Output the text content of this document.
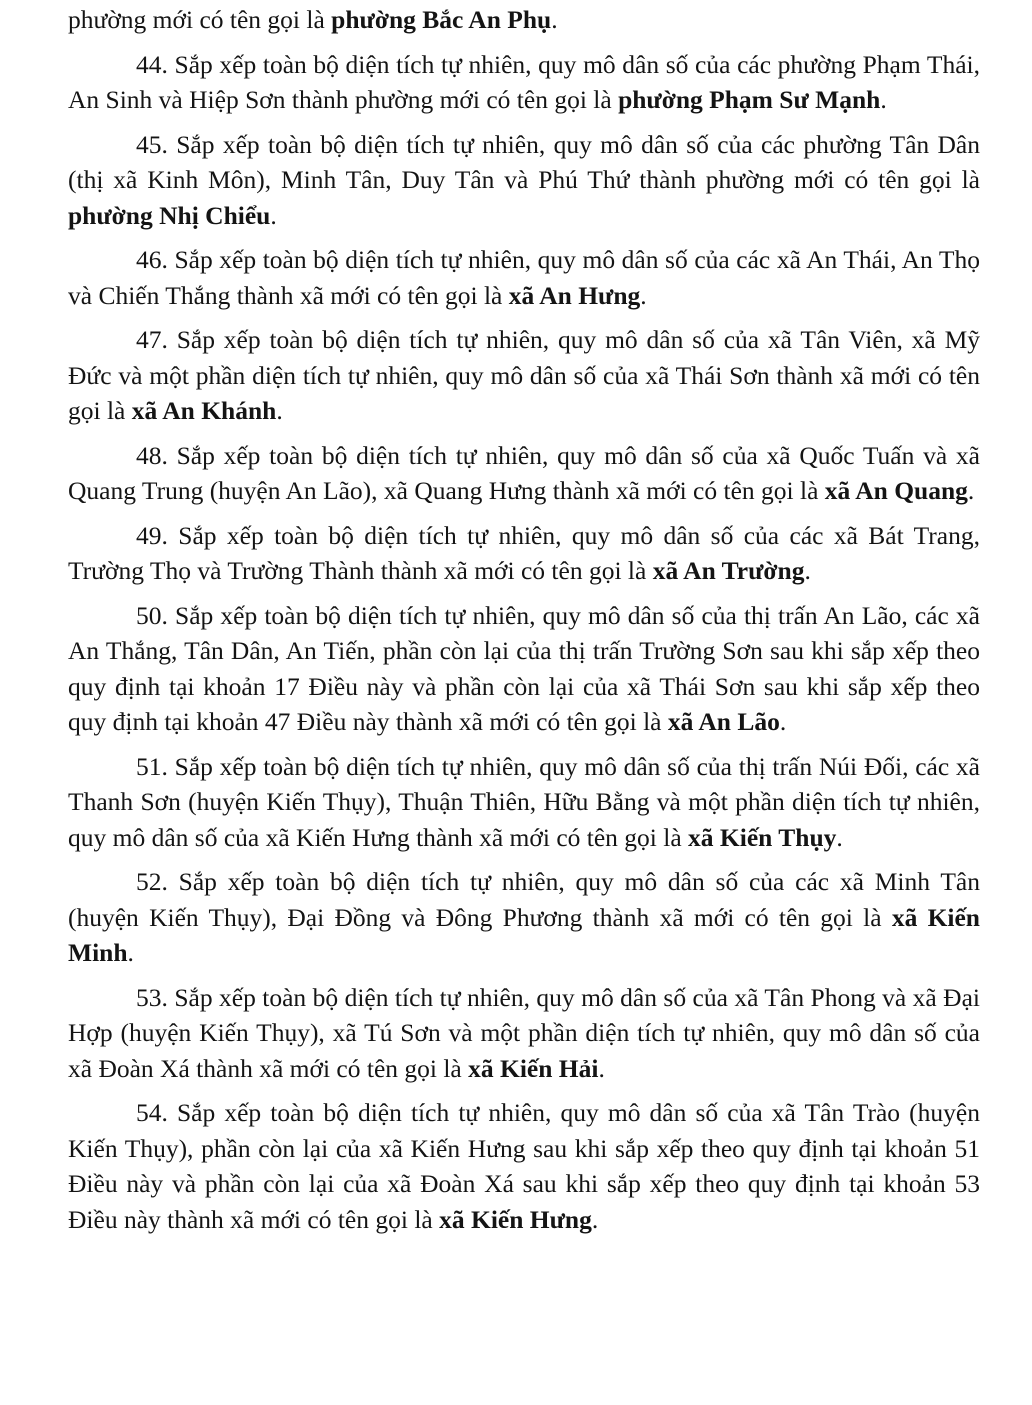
phường mới có tên gọi là phường Bắc An Phụ.

44. Sắp xếp toàn bộ diện tích tự nhiên, quy mô dân số của các phường Phạm Thái, An Sinh và Hiệp Sơn thành phường mới có tên gọi là phường Phạm Sư Mạnh.

45. Sắp xếp toàn bộ diện tích tự nhiên, quy mô dân số của các phường Tân Dân (thị xã Kinh Môn), Minh Tân, Duy Tân và Phú Thứ thành phường mới có tên gọi là phường Nhị Chiểu.

46. Sắp xếp toàn bộ diện tích tự nhiên, quy mô dân số của các xã An Thái, An Thọ và Chiến Thắng thành xã mới có tên gọi là xã An Hưng.

47. Sắp xếp toàn bộ diện tích tự nhiên, quy mô dân số của xã Tân Viên, xã Mỹ Đức và một phần diện tích tự nhiên, quy mô dân số của xã Thái Sơn thành xã mới có tên gọi là xã An Khánh.

48. Sắp xếp toàn bộ diện tích tự nhiên, quy mô dân số của xã Quốc Tuấn và xã Quang Trung (huyện An Lão), xã Quang Hưng thành xã mới có tên gọi là xã An Quang.

49. Sắp xếp toàn bộ diện tích tự nhiên, quy mô dân số của các xã Bát Trang, Trường Thọ và Trường Thành thành xã mới có tên gọi là xã An Trường.

50. Sắp xếp toàn bộ diện tích tự nhiên, quy mô dân số của thị trấn An Lão, các xã An Thắng, Tân Dân, An Tiến, phần còn lại của thị trấn Trường Sơn sau khi sắp xếp theo quy định tại khoản 17 Điều này và phần còn lại của xã Thái Sơn sau khi sắp xếp theo quy định tại khoản 47 Điều này thành xã mới có tên gọi là xã An Lão.

51. Sắp xếp toàn bộ diện tích tự nhiên, quy mô dân số của thị trấn Núi Đối, các xã Thanh Sơn (huyện Kiến Thụy), Thuận Thiên, Hữu Bằng và một phần diện tích tự nhiên, quy mô dân số của xã Kiến Hưng thành xã mới có tên gọi là xã Kiến Thụy.

52. Sắp xếp toàn bộ diện tích tự nhiên, quy mô dân số của các xã Minh Tân (huyện Kiến Thụy), Đại Đồng và Đông Phương thành xã mới có tên gọi là xã Kiến Minh.

53. Sắp xếp toàn bộ diện tích tự nhiên, quy mô dân số của xã Tân Phong và xã Đại Hợp (huyện Kiến Thụy), xã Tú Sơn và một phần diện tích tự nhiên, quy mô dân số của xã Đoàn Xá thành xã mới có tên gọi là xã Kiến Hải.

54. Sắp xếp toàn bộ diện tích tự nhiên, quy mô dân số của xã Tân Trào (huyện Kiến Thụy), phần còn lại của xã Kiến Hưng sau khi sắp xếp theo quy định tại khoản 51 Điều này và phần còn lại của xã Đoàn Xá sau khi sắp xếp theo quy định tại khoản 53 Điều này thành xã mới có tên gọi là xã Kiến Hưng.
